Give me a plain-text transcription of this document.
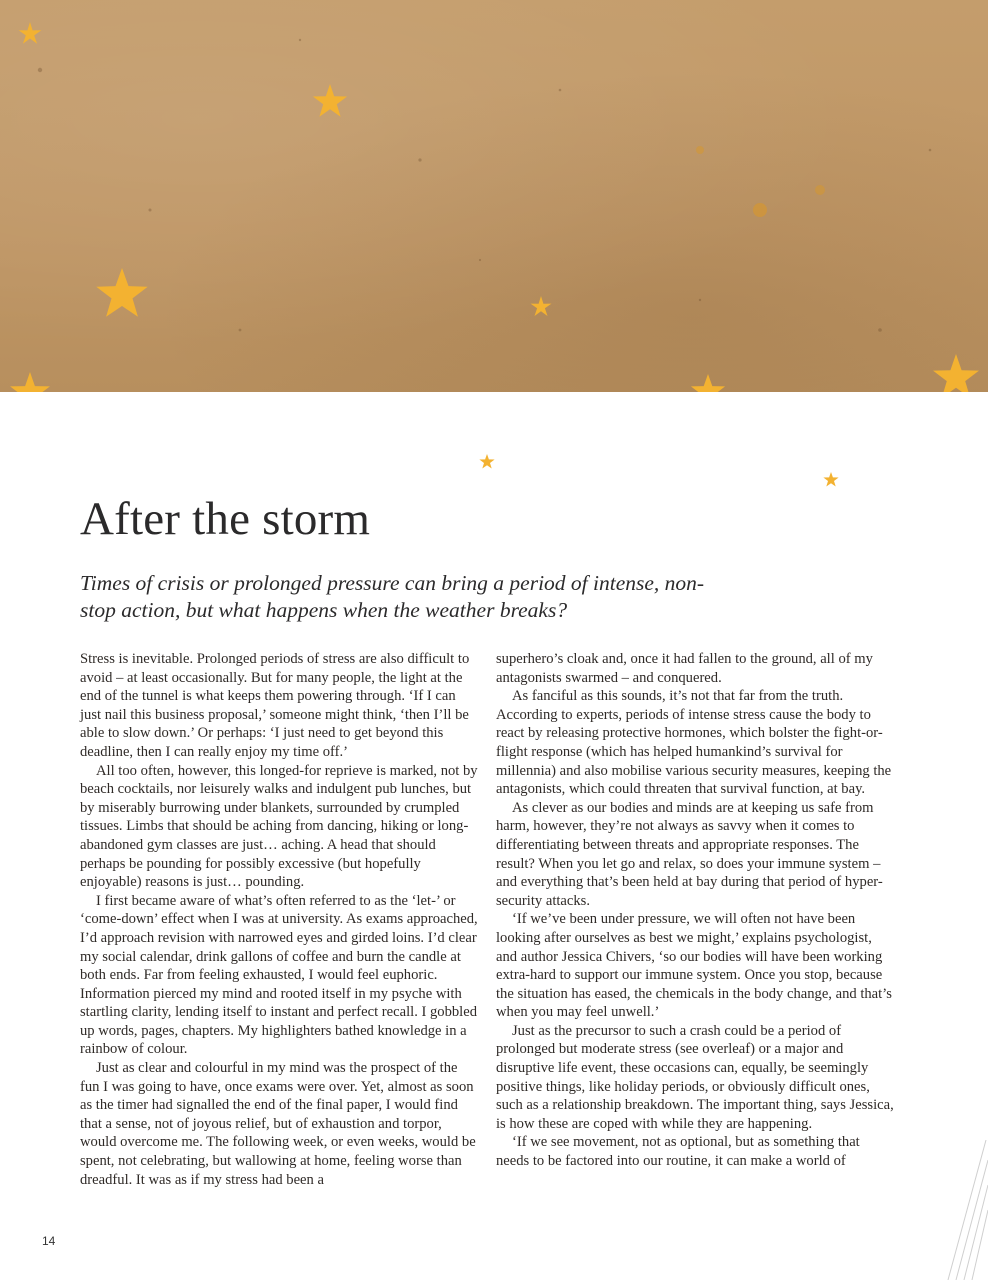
After the storm

Times of crisis or prolonged pressure can bring a period of intense, non-stop action, but what happens when the weather breaks?

Stress is inevitable. Prolonged periods of stress are also difficult to avoid – at least occasionally. But for many people, the light at the end of the tunnel is what keeps them powering through. ‘If I can just nail this business proposal,’ someone might think, ‘then I’ll be able to slow down.’ Or perhaps: ‘I just need to get beyond this deadline, then I can really enjoy my time off.’

All too often, however, this longed-for reprieve is marked, not by beach cocktails, nor leisurely walks and indulgent pub lunches, but by miserably burrowing under blankets, surrounded by crumpled tissues. Limbs that should be aching from dancing, hiking or long-abandoned gym classes are just… aching. A head that should perhaps be pounding for possibly excessive (but hopefully enjoyable) reasons is just… pounding.

I first became aware of what’s often referred to as the ‘let-’ or ‘come-down’ effect when I was at university. As exams approached, I’d approach revision with narrowed eyes and girded loins. I’d clear my social calendar, drink gallons of coffee and burn the candle at both ends. Far from feeling exhausted, I would feel euphoric. Information pierced my mind and rooted itself in my psyche with startling clarity, lending itself to instant and perfect recall. I gobbled up words, pages, chapters. My highlighters bathed knowledge in a rainbow of colour.

Just as clear and colourful in my mind was the prospect of the fun I was going to have, once exams were over. Yet, almost as soon as the timer had signalled the end of the final paper, I would find that a sense, not of joyous relief, but of exhaustion and torpor, would overcome me. The following week, or even weeks, would be spent, not celebrating, but wallowing at home, feeling worse than dreadful. It was as if my stress had been a

superhero’s cloak and, once it had fallen to the ground, all of my antagonists swarmed – and conquered.

As fanciful as this sounds, it’s not that far from the truth. According to experts, periods of intense stress cause the body to react by releasing protective hormones, which bolster the fight-or-flight response (which has helped humankind’s survival for millennia) and also mobilise various security measures, keeping the antagonists, which could threaten that survival function, at bay.

As clever as our bodies and minds are at keeping us safe from harm, however, they’re not always as savvy when it comes to differentiating between threats and appropriate responses. The result? When you let go and relax, so does your immune system – and everything that’s been held at bay during that period of hyper-security attacks.

‘If we’ve been under pressure, we will often not have been looking after ourselves as best we might,’ explains psychologist, and author Jessica Chivers, ‘so our bodies will have been working extra-hard to support our immune system. Once you stop, because the situation has eased, the chemicals in the body change, and that’s when you may feel unwell.’

Just as the precursor to such a crash could be a period of prolonged but moderate stress (see overleaf) or a major and disruptive life event, these occasions can, equally, be seemingly positive things, like holiday periods, or obviously difficult ones, such as a relationship breakdown. The important thing, says Jessica, is how these are coped with while they are happening.

‘If we see movement, not as optional, but as something that needs to be factored into our routine, it can make a world of

14
